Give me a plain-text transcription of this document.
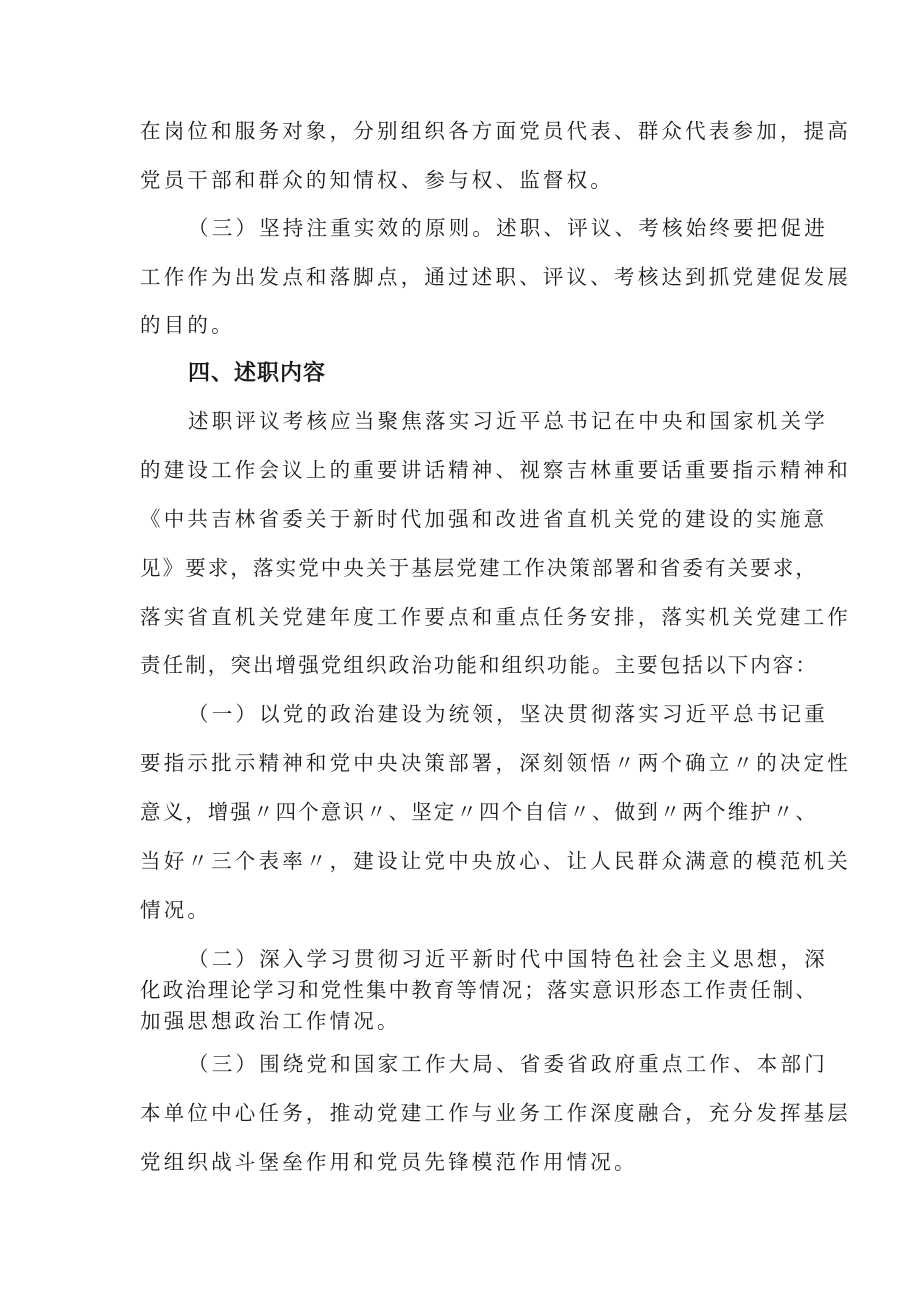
在岗位和服务对象，分别组织各方面党员代表、群众代表参加，提高
党员干部和群众的知情权、参与权、监督权。
（三）坚持注重实效的原则。述职、评议、考核始终要把促进
工作作为出发点和落脚点，通过述职、评议、考核达到抓党建促发展
的目的。
四、述职内容
述职评议考核应当聚焦落实习近平总书记在中央和国家机关学
的建设工作会议上的重要讲话精神、视察吉林重要话重要指示精神和
《中共吉林省委关于新时代加强和改进省直机关党的建设的实施意
见》要求，落实党中央关于基层党建工作决策部署和省委有关要求，
落实省直机关党建年度工作要点和重点任务安排，落实机关党建工作
责任制，突出增强党组织政治功能和组织功能。主要包括以下内容：
（一）以党的政治建设为统领，坚决贯彻落实习近平总书记重
要指示批示精神和党中央决策部署，深刻领悟〃两个确立〃的决定性
意义，增强〃四个意识〃、坚定〃四个自信〃、做到〃两个维护〃、
当好〃三个表率〃，建设让党中央放心、让人民群众满意的模范机关
情况。
（二）深入学习贯彻习近平新时代中国特色社会主义思想，深
化政治理论学习和党性集中教育等情况；落实意识形态工作责任制、
加强思想政治工作情况。
（三）围绕党和国家工作大局、省委省政府重点工作、本部门
本单位中心任务，推动党建工作与业务工作深度融合，充分发挥基层
党组织战斗堡垒作用和党员先锋模范作用情况。
